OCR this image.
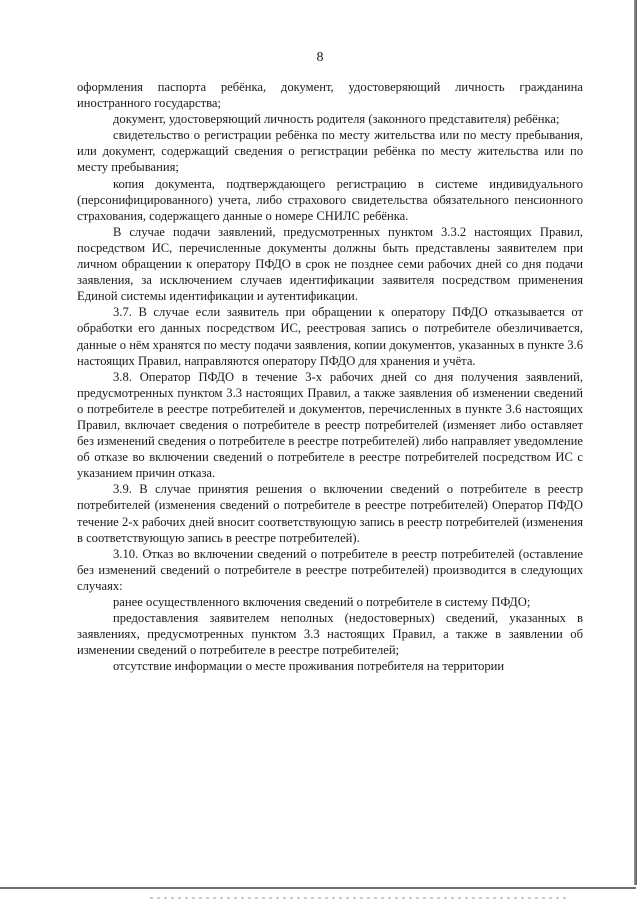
8

оформления паспорта ребёнка, документ, удостоверяющий личность гражданина иностранного государства;

документ, удостоверяющий личность родителя (законного представителя) ребёнка;

свидетельство о регистрации ребёнка по месту жительства или по месту пребывания, или документ, содержащий сведения о регистрации ребёнка по месту жительства или по месту пребывания;

копия документа, подтверждающего регистрацию в системе индивидуального (персонифицированного) учета, либо страхового свидетельства обязательного пенсионного страхования, содержащего данные о номере СНИЛС ребёнка.

В случае подачи заявлений, предусмотренных пунктом 3.3.2 настоящих Правил, посредством ИС, перечисленные документы должны быть представлены заявителем при личном обращении к оператору ПФДО в срок не позднее семи рабочих дней со дня подачи заявления, за исключением случаев идентификации заявителя посредством применения Единой системы идентификации и аутентификации.

3.7. В случае если заявитель при обращении к оператору ПФДО отказывается от обработки его данных посредством ИС, реестровая запись о потребителе обезличивается, данные о нём хранятся по месту подачи заявления, копии документов, указанных в пункте 3.6 настоящих Правил, направляются оператору ПФДО для хранения и учёта.

3.8. Оператор ПФДО в течение 3-х рабочих дней со дня получения заявлений, предусмотренных пунктом 3.3 настоящих Правил, а также заявления об изменении сведений о потребителе в реестре потребителей и документов, перечисленных в пункте 3.6 настоящих Правил, включает сведения о потребителе в реестр потребителей (изменяет либо оставляет без изменений сведения о потребителе в реестре потребителей) либо направляет уведомление об отказе во включении сведений о потребителе в реестре потребителей посредством ИС с указанием причин отказа.

3.9. В случае принятия решения о включении сведений о потребителе в реестр потребителей (изменения сведений о потребителе в реестре потребителей) Оператор ПФДО течение 2-х рабочих дней вносит соответствующую запись в реестр потребителей (изменения в соответствующую запись в реестре потребителей).

3.10. Отказ во включении сведений о потребителе в реестр потребителей (оставление без изменений сведений о потребителе в реестре потребителей) производится в следующих случаях:

ранее осуществленного включения сведений о потребителе в систему ПФДО;

предоставления заявителем неполных (недостоверных) сведений, указанных в заявлениях, предусмотренных пунктом 3.3 настоящих Правил, а также в заявлении об изменении сведений о потребителе в реестре потребителей;

отсутствие информации о месте проживания потребителя на территории
